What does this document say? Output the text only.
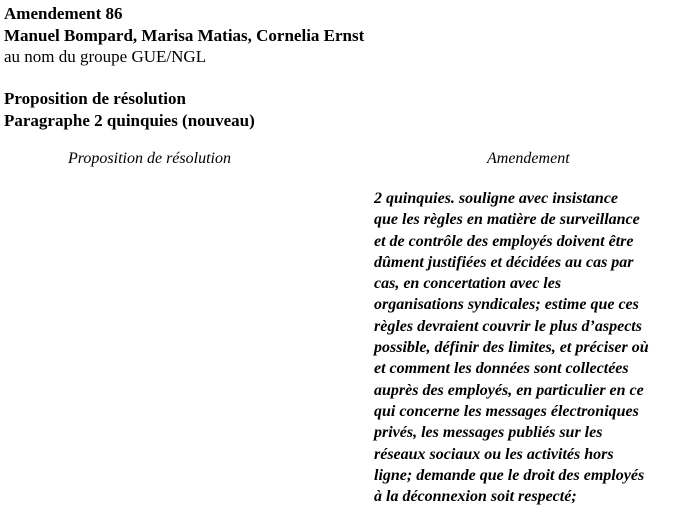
Amendement 86
Manuel Bompard, Marisa Matias, Cornelia Ernst
au nom du groupe GUE/NGL
Proposition de résolution
Paragraphe 2 quinquies (nouveau)
Proposition de résolution	Amendement
2 quinquies. souligne avec insistance
que les règles en matière de surveillance
et de contrôle des employés doivent être
dûment justifiées et décidées au cas par
cas, en concertation avec les
organisations syndicales; estime que ces
règles devraient couvrir le plus d’aspects
possible, définir des limites, et préciser où
et comment les données sont collectées
auprès des employés, en particulier en ce
qui concerne les messages électroniques
privés, les messages publiés sur les
réseaux sociaux ou les activités hors
ligne; demande que le droit des employés
à la déconnexion soit respecté;
